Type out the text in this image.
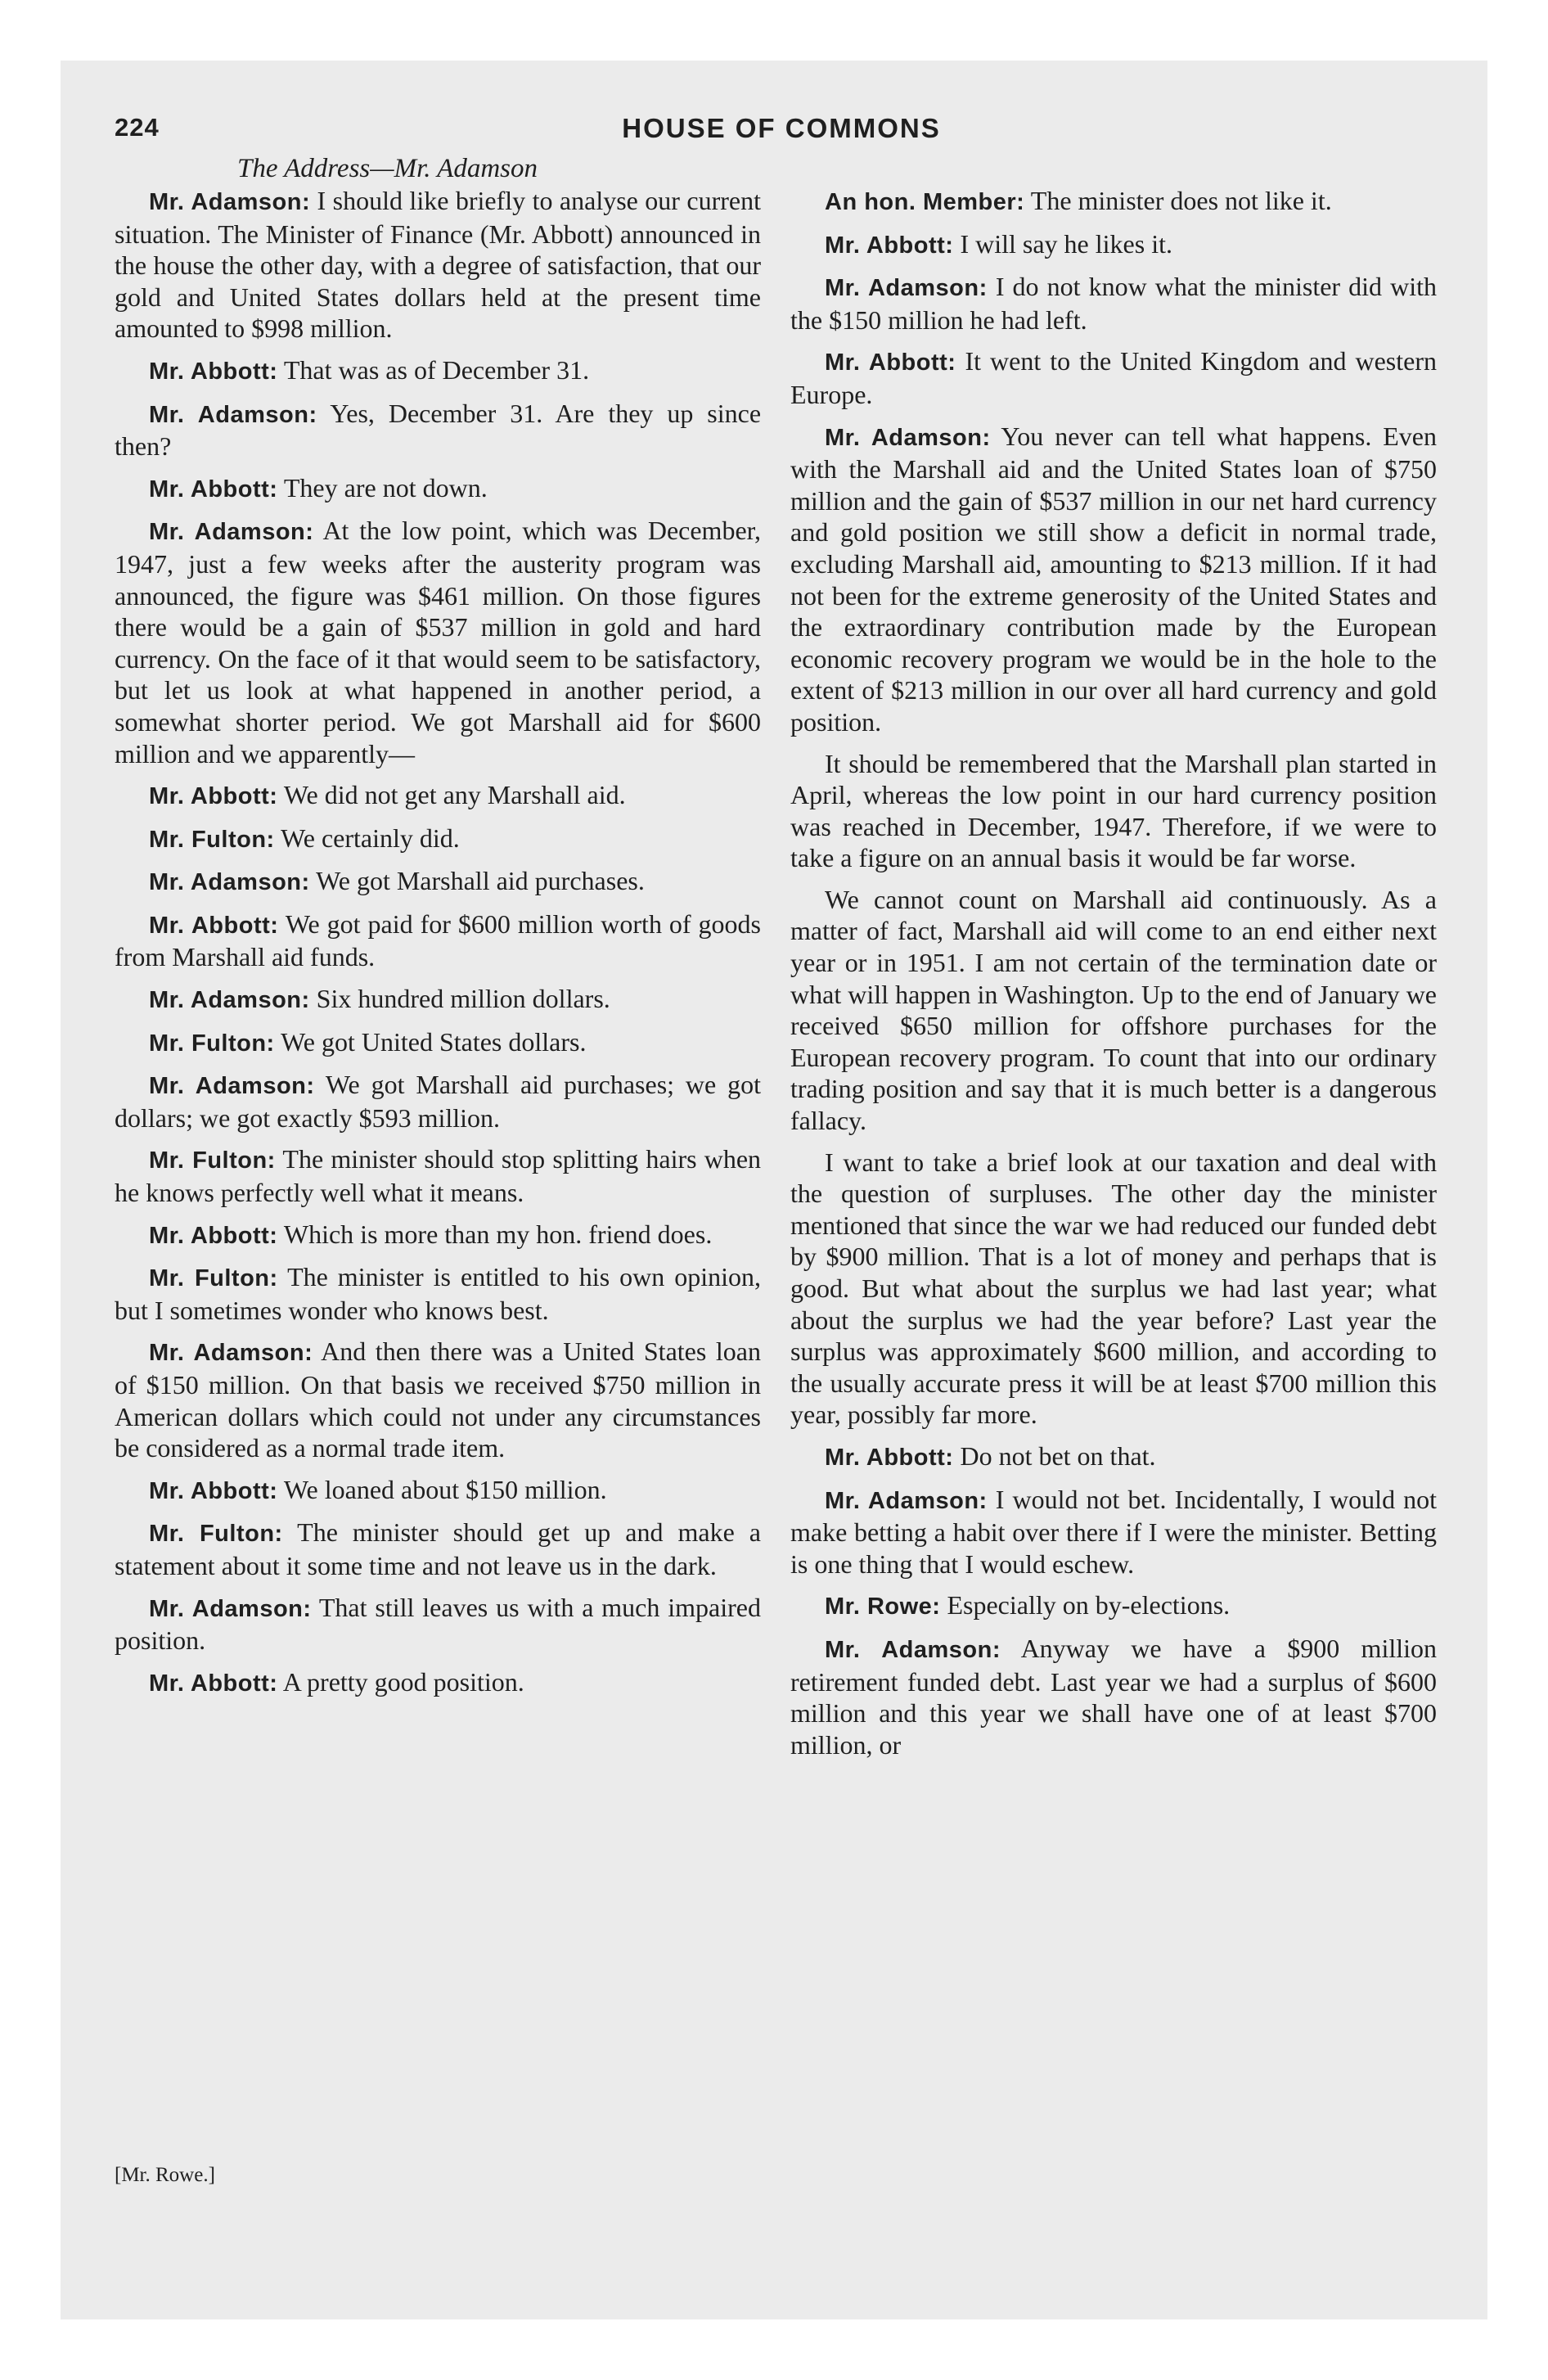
224	HOUSE OF COMMONS
The Address—Mr. Adamson

Mr. Adamson: I should like briefly to analyse our current situation. The Minister of Finance (Mr. Abbott) announced in the house the other day, with a degree of satisfaction, that our gold and United States dollars held at the present time amounted to $998 million.

Mr. Abbott: That was as of December 31.

Mr. Adamson: Yes, December 31. Are they up since then?

Mr. Abbott: They are not down.

Mr. Adamson: At the low point, which was December, 1947, just a few weeks after the austerity program was announced, the figure was $461 million. On those figures there would be a gain of $537 million in gold and hard currency. On the face of it that would seem to be satisfactory, but let us look at what happened in another period, a somewhat shorter period. We got Marshall aid for $600 million and we apparently—

Mr. Abbott: We did not get any Marshall aid.

Mr. Fulton: We certainly did.

Mr. Adamson: We got Marshall aid purchases.

Mr. Abbott: We got paid for $600 million worth of goods from Marshall aid funds.

Mr. Adamson: Six hundred million dollars.

Mr. Fulton: We got United States dollars.

Mr. Adamson: We got Marshall aid purchases; we got dollars; we got exactly $593 million.

Mr. Fulton: The minister should stop splitting hairs when he knows perfectly well what it means.

Mr. Abbott: Which is more than my hon. friend does.

Mr. Fulton: The minister is entitled to his own opinion, but I sometimes wonder who knows best.

Mr. Adamson: And then there was a United States loan of $150 million. On that basis we received $750 million in American dollars which could not under any circumstances be considered as a normal trade item.

Mr. Abbott: We loaned about $150 million.

Mr. Fulton: The minister should get up and make a statement about it some time and not leave us in the dark.

Mr. Adamson: That still leaves us with a much impaired position.

Mr. Abbott: A pretty good position.

An hon. Member: The minister does not like it.

Mr. Abbott: I will say he likes it.

Mr. Adamson: I do not know what the minister did with the $150 million he had left.

Mr. Abbott: It went to the United Kingdom and western Europe.

Mr. Adamson: You never can tell what happens. Even with the Marshall aid and the United States loan of $750 million and the gain of $537 million in our net hard currency and gold position we still show a deficit in normal trade, excluding Marshall aid, amounting to $213 million. If it had not been for the extreme generosity of the United States and the extraordinary contribution made by the European economic recovery program we would be in the hole to the extent of $213 million in our over all hard currency and gold position.

It should be remembered that the Marshall plan started in April, whereas the low point in our hard currency position was reached in December, 1947. Therefore, if we were to take a figure on an annual basis it would be far worse.

We cannot count on Marshall aid continuously. As a matter of fact, Marshall aid will come to an end either next year or in 1951. I am not certain of the termination date or what will happen in Washington. Up to the end of January we received $650 million for offshore purchases for the European recovery program. To count that into our ordinary trading position and say that it is much better is a dangerous fallacy.

I want to take a brief look at our taxation and deal with the question of surpluses. The other day the minister mentioned that since the war we had reduced our funded debt by $900 million. That is a lot of money and perhaps that is good. But what about the surplus we had last year; what about the surplus we had the year before? Last year the surplus was approximately $600 million, and according to the usually accurate press it will be at least $700 million this year, possibly far more.

Mr. Abbott: Do not bet on that.

Mr. Adamson: I would not bet. Incidentally, I would not make betting a habit over there if I were the minister. Betting is one thing that I would eschew.

Mr. Rowe: Especially on by-elections.

Mr. Adamson: Anyway we have a $900 million retirement funded debt. Last year we had a surplus of $600 million and this year we shall have one of at least $700 million, or

[Mr. Rowe.]
